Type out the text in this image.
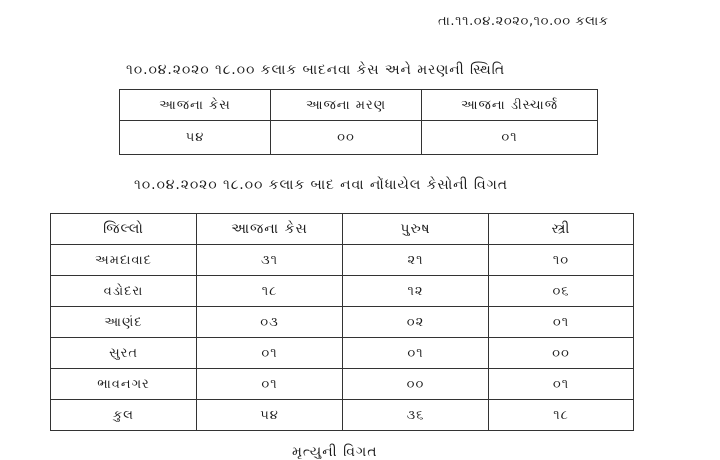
તા.૧૧.૦૪.૨૦૨૦,૧૦.૦૦ કલાક
૧૦.૦૪.૨૦૨૦ ૧૮.૦૦ કલાક બાદનવા કેસ અને મરણની સ્થિતિ
આજના કેસ	આજના મરણ	આજના ડીસ્ચાર્જ
૫૪	૦૦	૦૧
૧૦.૦૪.૨૦૨૦ ૧૮.૦૦ કલાક બાદ નવા નોંધાયેલ કેસોની વિગત
જિલ્લો	આજના કેસ	પુરુષ	સ્ત્રી
અમદાવાદ	૩૧	૨૧	૧૦
વડોદરા	૧૮	૧૨	૦૬
આણંદ	૦૩	૦૨	૦૧
સુરત	૦૧	૦૧	૦૦
ભાવનગર	૦૧	૦૦	૦૧
કુલ	૫૪	૩૬	૧૮
મૃત્યુની વિગત
